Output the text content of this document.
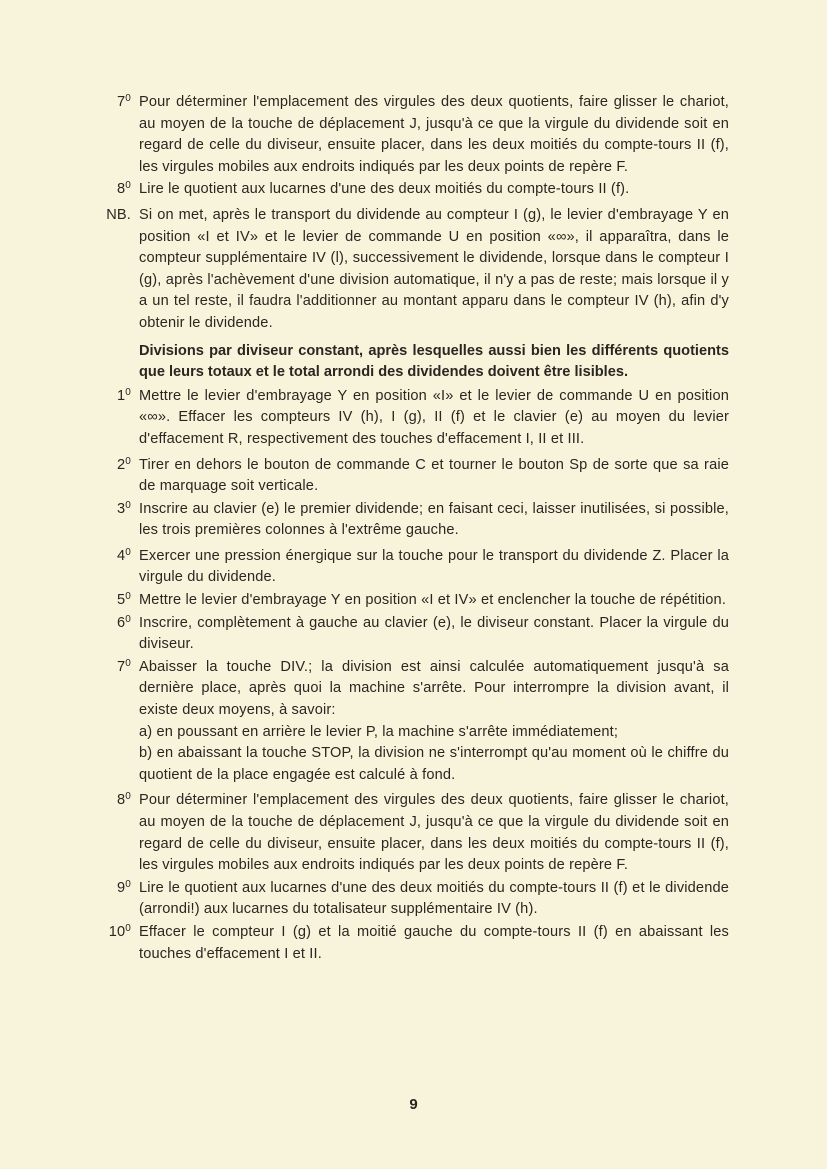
$7^0$ Pour déterminer l'emplacement des virgules des deux quotients, faire glisser le chariot, au moyen de la touche de déplacement J, jusqu'à ce que la virgule du dividende soit en regard de celle du diviseur, ensuite placer, dans les deux moitiés du compte-tours II (f), les virgules mobiles aux endroits indiqués par les deux points de repère F.
$8^0$ Lire le quotient aux lucarnes d'une des deux moitiés du compte-tours II (f).
NB. Si on met, après le transport du dividende au compteur I (g), le levier d'embrayage Y en position «I et IV» et le levier de commande U en position «∞», il apparaîtra, dans le compteur supplémentaire IV (l), successivement le dividende, lorsque dans le compteur I (g), après l'achèvement d'une division automatique, il n'y a pas de reste; mais lorsque il y a un tel reste, il faudra l'additionner au montant apparu dans le compteur IV (h), afin d'y obtenir le dividende.
Divisions par diviseur constant, après lesquelles aussi bien les différents quotients que leurs totaux et le total arrondi des dividendes doivent être lisibles.
$1^0$ Mettre le levier d'embrayage Y en position «I» et le levier de commande U en position «∞». Effacer les compteurs IV (h), I (g), II (f) et le clavier (e) au moyen du levier d'effacement R, respectivement des touches d'effacement I, II et III.
$2^0$ Tirer en dehors le bouton de commande C et tourner le bouton Sp de sorte que sa raie de marquage soit verticale.
$3^0$ Inscrire au clavier (e) le premier dividende; en faisant ceci, laisser inutilisées, si possible, les trois premières colonnes à l'extrême gauche.
$4^0$ Exercer une pression énergique sur la touche pour le transport du dividende Z. Placer la virgule du dividende.
$5^0$ Mettre le levier d'embrayage Y en position «I et IV» et enclencher la touche de répétition.
$6^0$ Inscrire, complètement à gauche au clavier (e), le diviseur constant. Placer la virgule du diviseur.
$7^0$ Abaisser la touche DIV.; la division est ainsi calculée automatiquement jusqu'à sa dernière place, après quoi la machine s'arrête. Pour interrompre la division avant, il existe deux moyens, à savoir:
a) en poussant en arrière le levier P, la machine s'arrête immédiatement;
b) en abaissant la touche STOP, la division ne s'interrompt qu'au moment où le chiffre du quotient de la place engagée est calculé à fond.
$8^0$ Pour déterminer l'emplacement des virgules des deux quotients, faire glisser le chariot, au moyen de la touche de déplacement J, jusqu'à ce que la virgule du dividende soit en regard de celle du diviseur, ensuite placer, dans les deux moitiés du compte-tours II (f), les virgules mobiles aux endroits indiqués par les deux points de repère F.
$9^0$ Lire le quotient aux lucarnes d'une des deux moitiés du compte-tours II (f) et le dividende (arrondi!) aux lucarnes du totalisateur supplémentaire IV (h).
$10^0$ Effacer le compteur I (g) et la moitié gauche du compte-tours II (f) en abaissant les touches d'effacement I et II.
9
